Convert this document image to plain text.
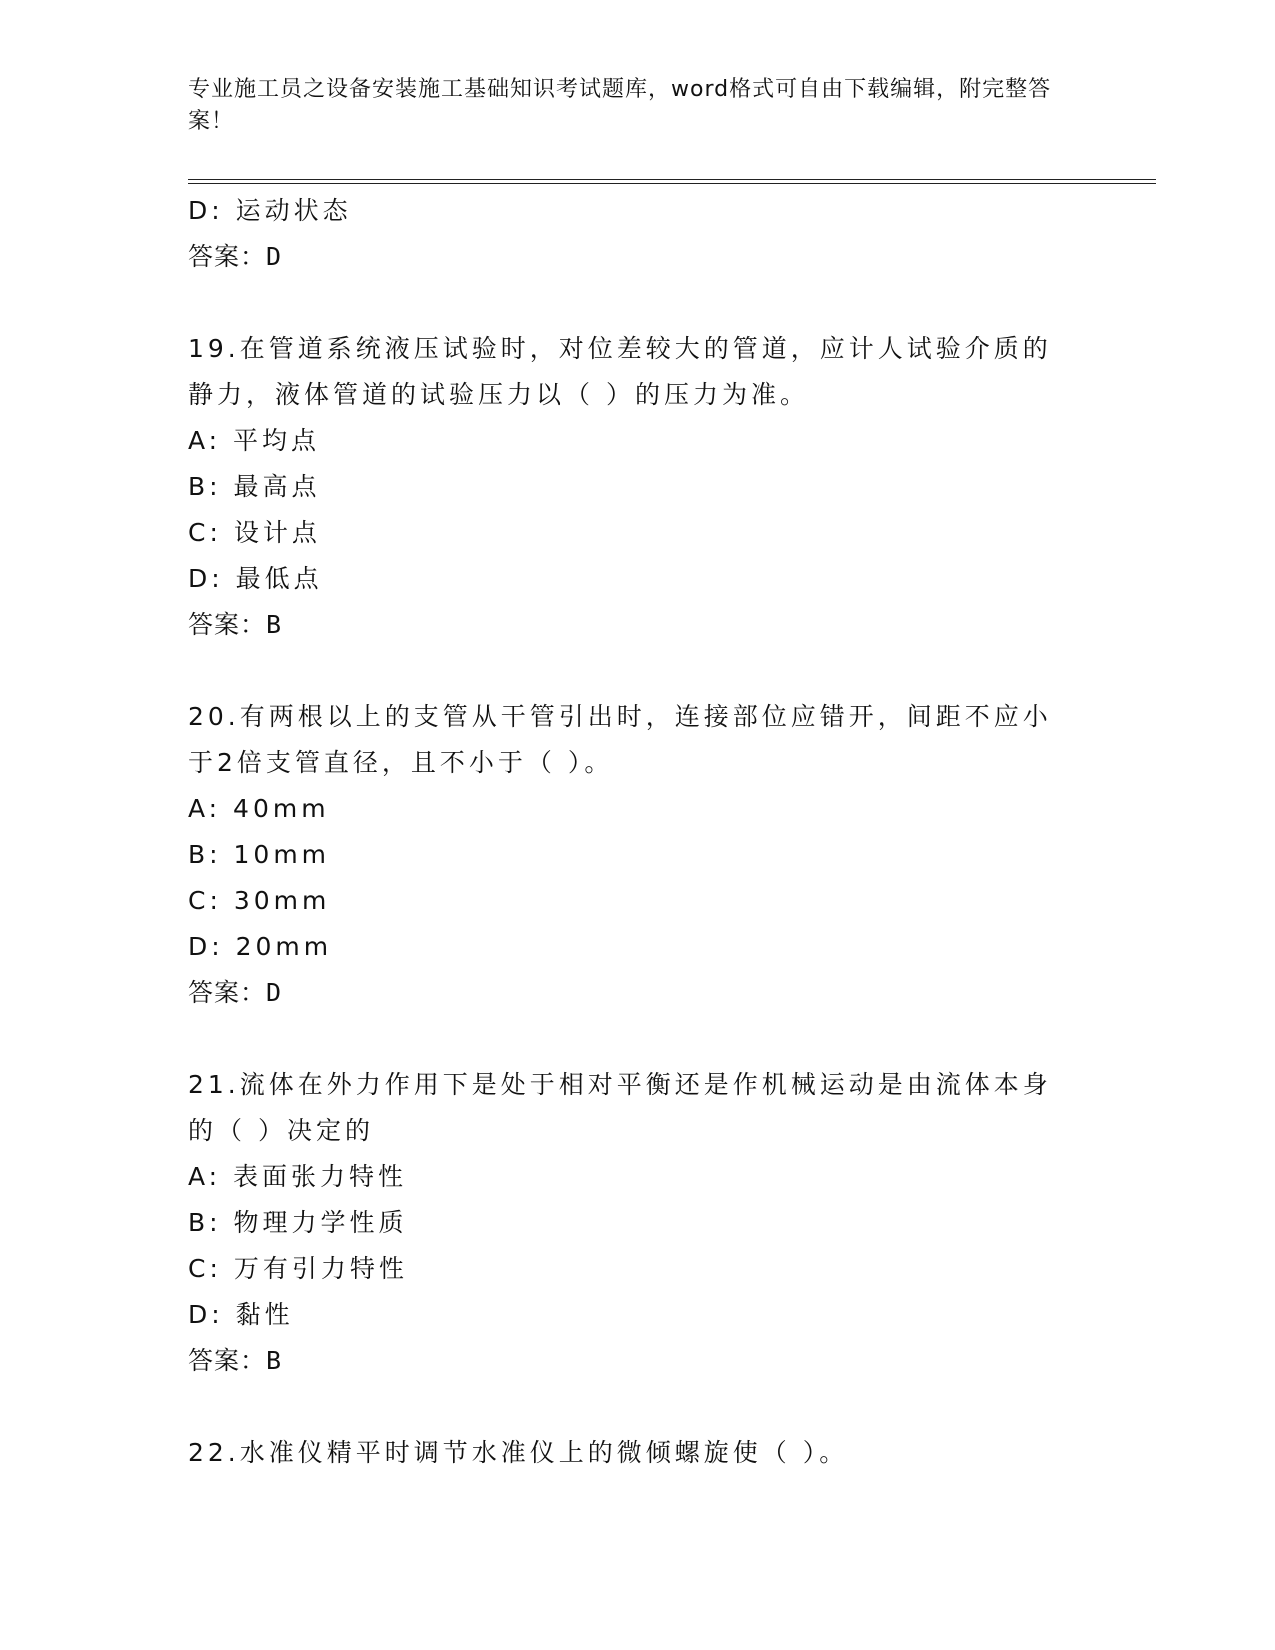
专业施工员之设备安装施工基础知识考试题库，word格式可自由下载编辑，附完整答案！
D: 运动状态
答案：D
19.在管道系统液压试验时，对位差较大的管道，应计人试验介质的静力，液体管道的试验压力以（ ）的压力为准。
A: 平均点
B: 最高点
C: 设计点
D: 最低点
答案：B
20.有两根以上的支管从干管引出时，连接部位应错开，间距不应小于2倍支管直径，且不小于（ ）。
A: 40mm
B: 10mm
C: 30mm
D: 20mm
答案：D
21.流体在外力作用下是处于相对平衡还是作机械运动是由流体本身的（ ）决定的
A: 表面张力特性
B: 物理力学性质
C: 万有引力特性
D: 黏性
答案：B
22.水准仪精平时调节水准仪上的微倾螺旋使（ ）。
